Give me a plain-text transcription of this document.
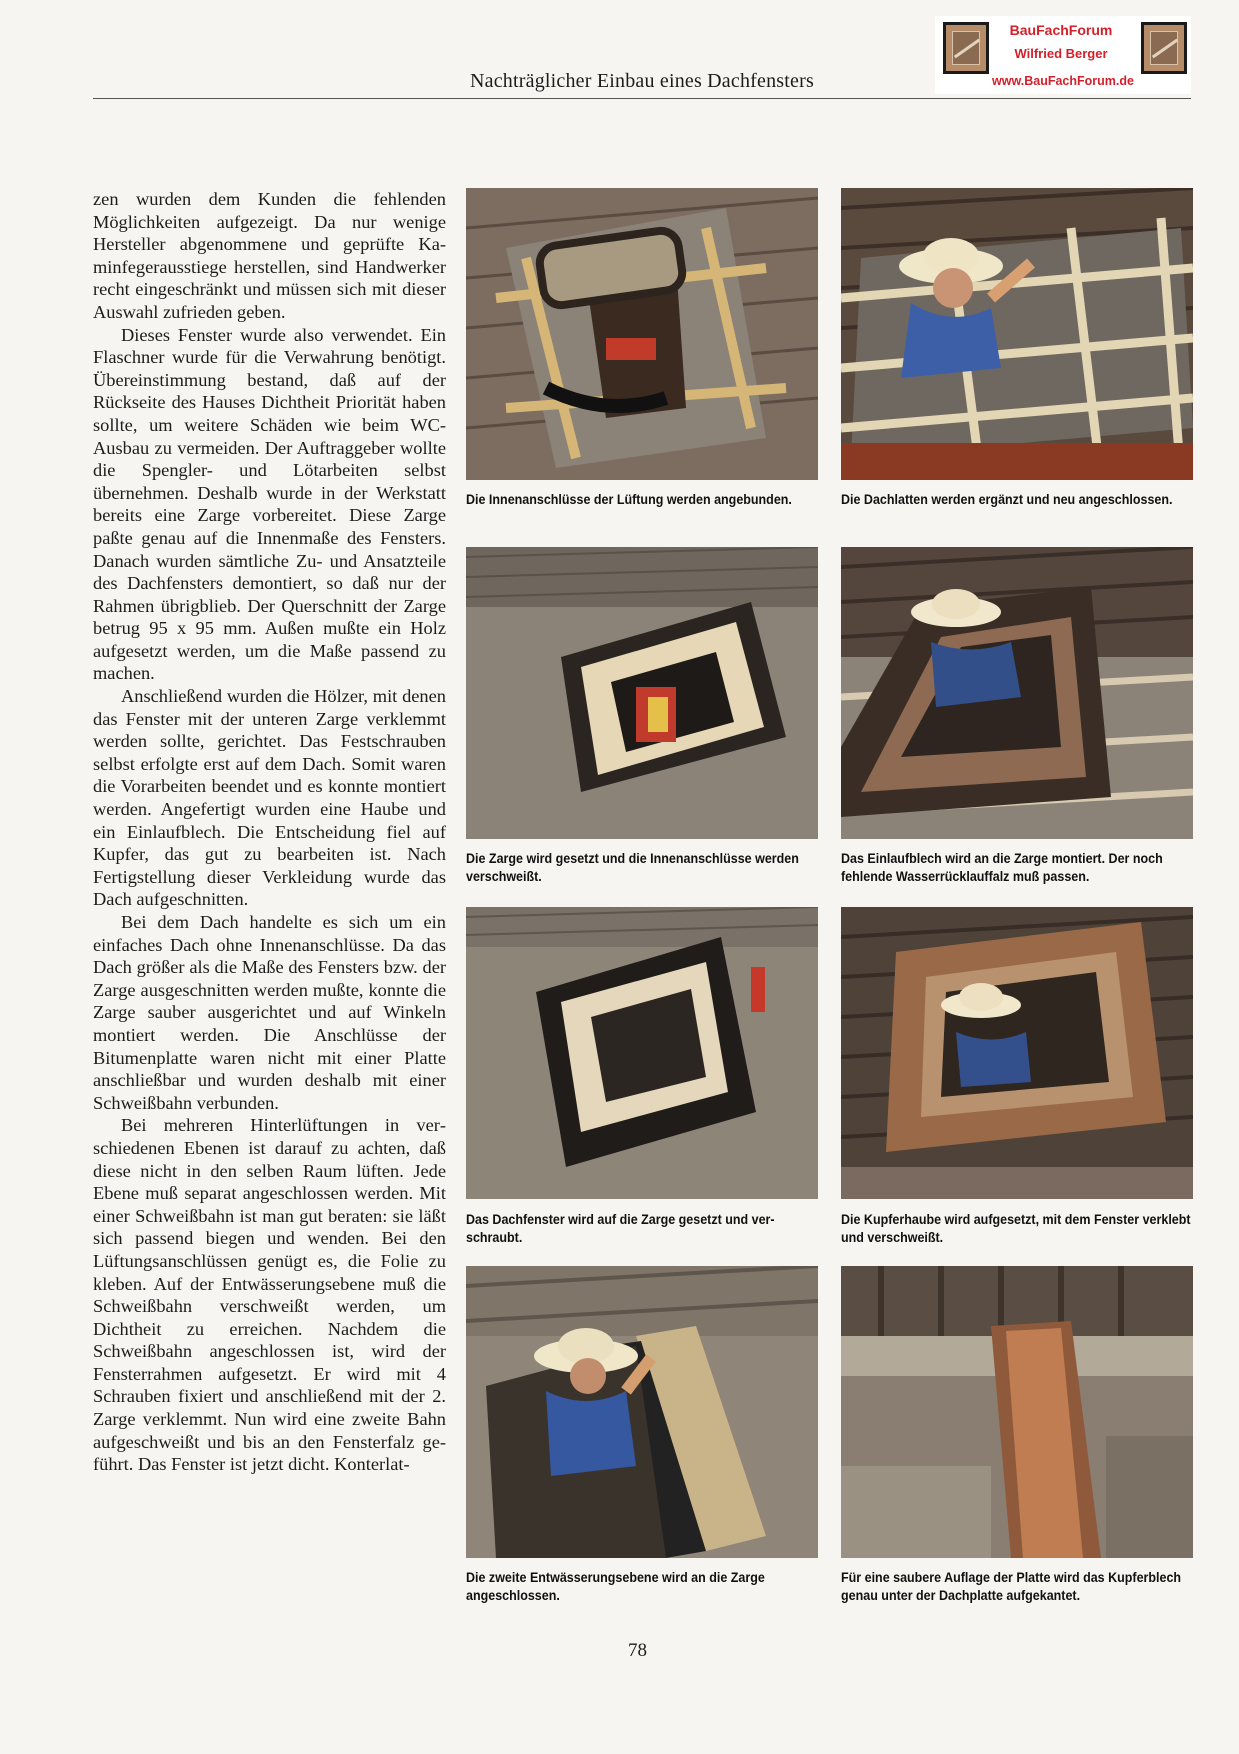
Nachträglicher Einbau eines Dachfensters
BauFachForum
Wilfried Berger
www.BauFachForum.de

zen wurden dem Kunden die fehlenden Möglichkeiten aufgezeigt. Da nur wenige Hersteller abgenommene und geprüfte Kaminfegerausstiege herstellen, sind Handwerker recht eingeschränkt und müssen sich mit dieser Auswahl zufrieden geben.

Dieses Fenster wurde also verwendet. Ein Flaschner wurde für die Verwahrung benötigt. Übereinstimmung bestand, daß auf der Rückseite des Hauses Dichtheit Priorität haben sollte, um weitere Schäden wie beim WC-Ausbau zu vermeiden. Der Auftraggeber wollte die Spengler- und Lötarbeiten selbst übernehmen. Deshalb wurde in der Werkstatt bereits eine Zarge vorbereitet. Diese Zarge paßte genau auf die Innenmaße des Fensters. Danach wurden sämtliche Zu- und Ansatzteile des Dachfensters demontiert, so daß nur der Rahmen übrigblieb. Der Querschnitt der Zarge betrug 95 x 95 mm. Außen mußte ein Holz aufgesetzt werden, um die Maße passend zu machen.

Anschließend wurden die Hölzer, mit denen das Fenster mit der unteren Zarge verklemmt werden sollte, gerichtet. Das Festschrauben selbst erfolgte erst auf dem Dach. Somit waren die Vorarbeiten beendet und es konnte montiert werden. Angefertigt wurden eine Haube und ein Einlaufblech. Die Entscheidung fiel auf Kupfer, das gut zu bearbeiten ist. Nach Fertigstellung dieser Verkleidung wurde das Dach aufgeschnitten.

Bei dem Dach handelte es sich um ein einfaches Dach ohne Innenanschlüsse. Da das Dach größer als die Maße des Fensters bzw. der Zarge ausgeschnitten werden mußte, konnte die Zarge sauber ausgerichtet und auf Winkeln montiert werden. Die Anschlüsse der Bitumenplatte waren nicht mit einer Platte anschließbar und wurden deshalb mit einer Schweißbahn verbunden.

Bei mehreren Hinterlüftungen in verschiedenen Ebenen ist darauf zu achten, daß diese nicht in den selben Raum lüften. Jede Ebene muß separat angeschlossen werden. Mit einer Schweißbahn ist man gut beraten: sie läßt sich passend biegen und wenden. Bei den Lüftungsanschlüssen genügt es, die Folie zu kleben. Auf der Entwässerungsebene muß die Schweißbahn verschweißt werden, um Dichtheit zu erreichen. Nachdem die Schweißbahn angeschlossen ist, wird der Fensterrahmen aufgesetzt. Er wird mit 4 Schrauben fixiert und anschließend mit der 2. Zarge verklemmt. Nun wird eine zweite Bahn aufgeschweißt und bis an den Fensterfalz geführt. Das Fenster ist jetzt dicht. Konterlat-

Die Innenanschlüsse der Lüftung werden angebunden.	Die Dachlatten werden ergänzt und neu angeschlossen.
Die Zarge wird gesetzt und die Innenanschlüsse werden verschweißt.
Das Einlaufblech wird an die Zarge montiert. Der noch fehlende Wasserrücklauffalz muß passen.
Das Dachfenster wird auf die Zarge gesetzt und verschraubt.
Die Kupferhaube wird aufgesetzt, mit dem Fenster verklebt und verschweißt.
Die zweite Entwässerungsebene wird an die Zarge angeschlossen.
Für eine saubere Auflage der Platte wird das Kupferblech genau unter der Dachplatte aufgekantet.
78
